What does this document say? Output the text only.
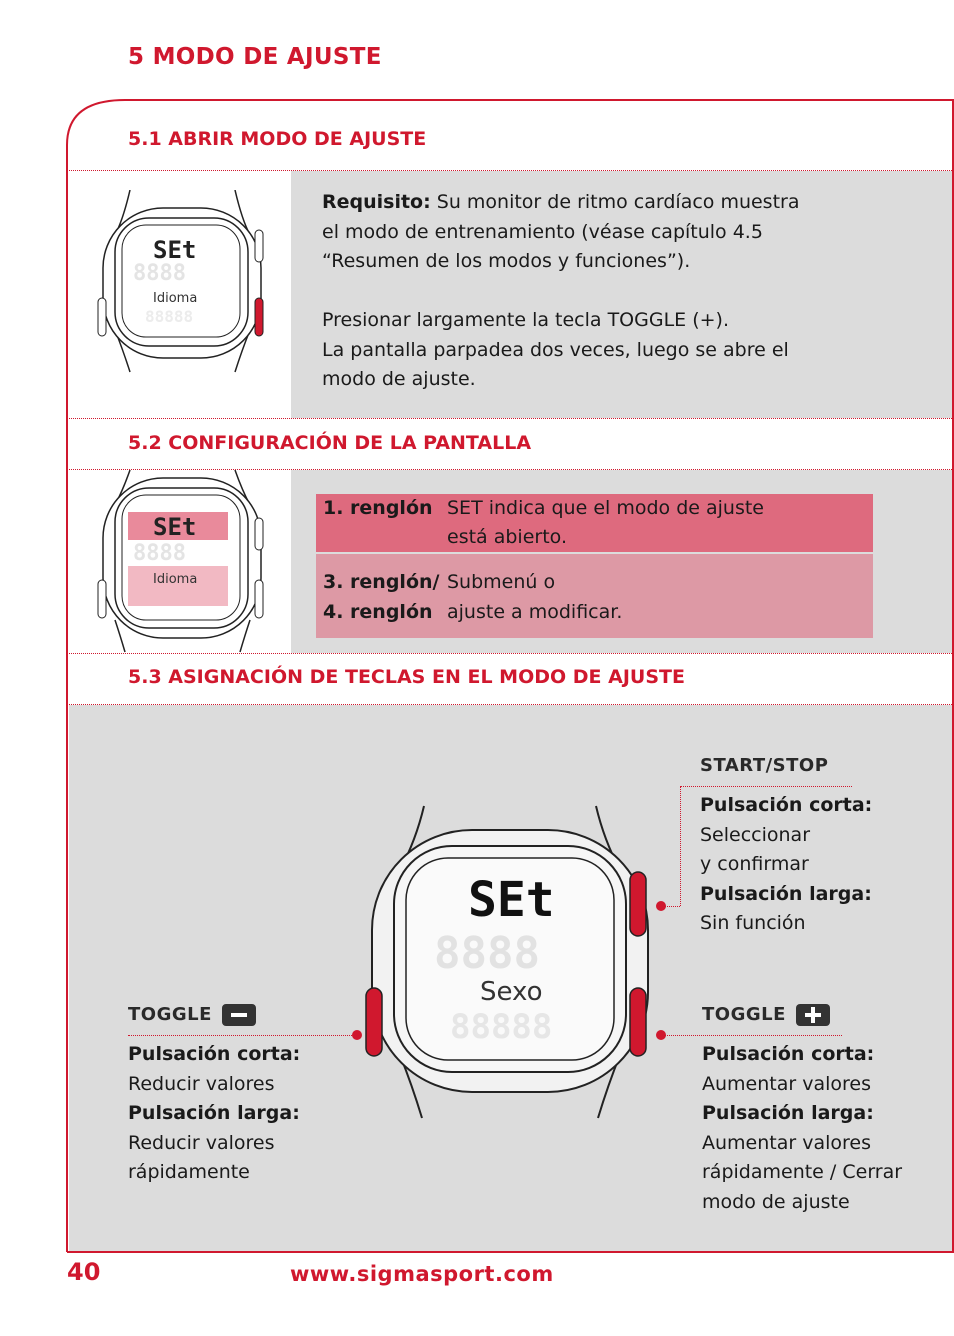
5 MODO DE AJUSTE
5.1 ABRIR MODO DE AJUSTE
SEt
8888
Idioma
88888
Requisito: Su monitor de ritmo cardíaco muestra
el modo de entrenamiento (véase capítulo 4.5
“Resumen de los modos y funciones”).
Presionar largamente la tecla TOGGLE (+).
La pantalla parpadea dos veces, luego se abre el
modo de ajuste.
5.2 CONFIGURACIÓN DE LA PANTALLA
SEt
8888
Idioma
1. renglón SET indica que el modo de ajuste
está abierto.
3. renglón/
4. renglón
Submenú o
ajuste a modificar.
5.3 ASIGNACIÓN DE TECLAS EN EL MODO DE AJUSTE
SEt
8888
Sexo
88888
START/STOP
Pulsación corta:
Seleccionar
y confirmar
Pulsación larga:
Sin función
TOGGLE
Pulsación corta:
Reducir valores
Pulsación larga:
Reducir valores
rápidamente
TOGGLE
Pulsación corta:
Aumentar valores
Pulsación larga:
Aumentar valores
rápidamente / Cerrar
modo de ajuste
40	www.sigmasport.com
